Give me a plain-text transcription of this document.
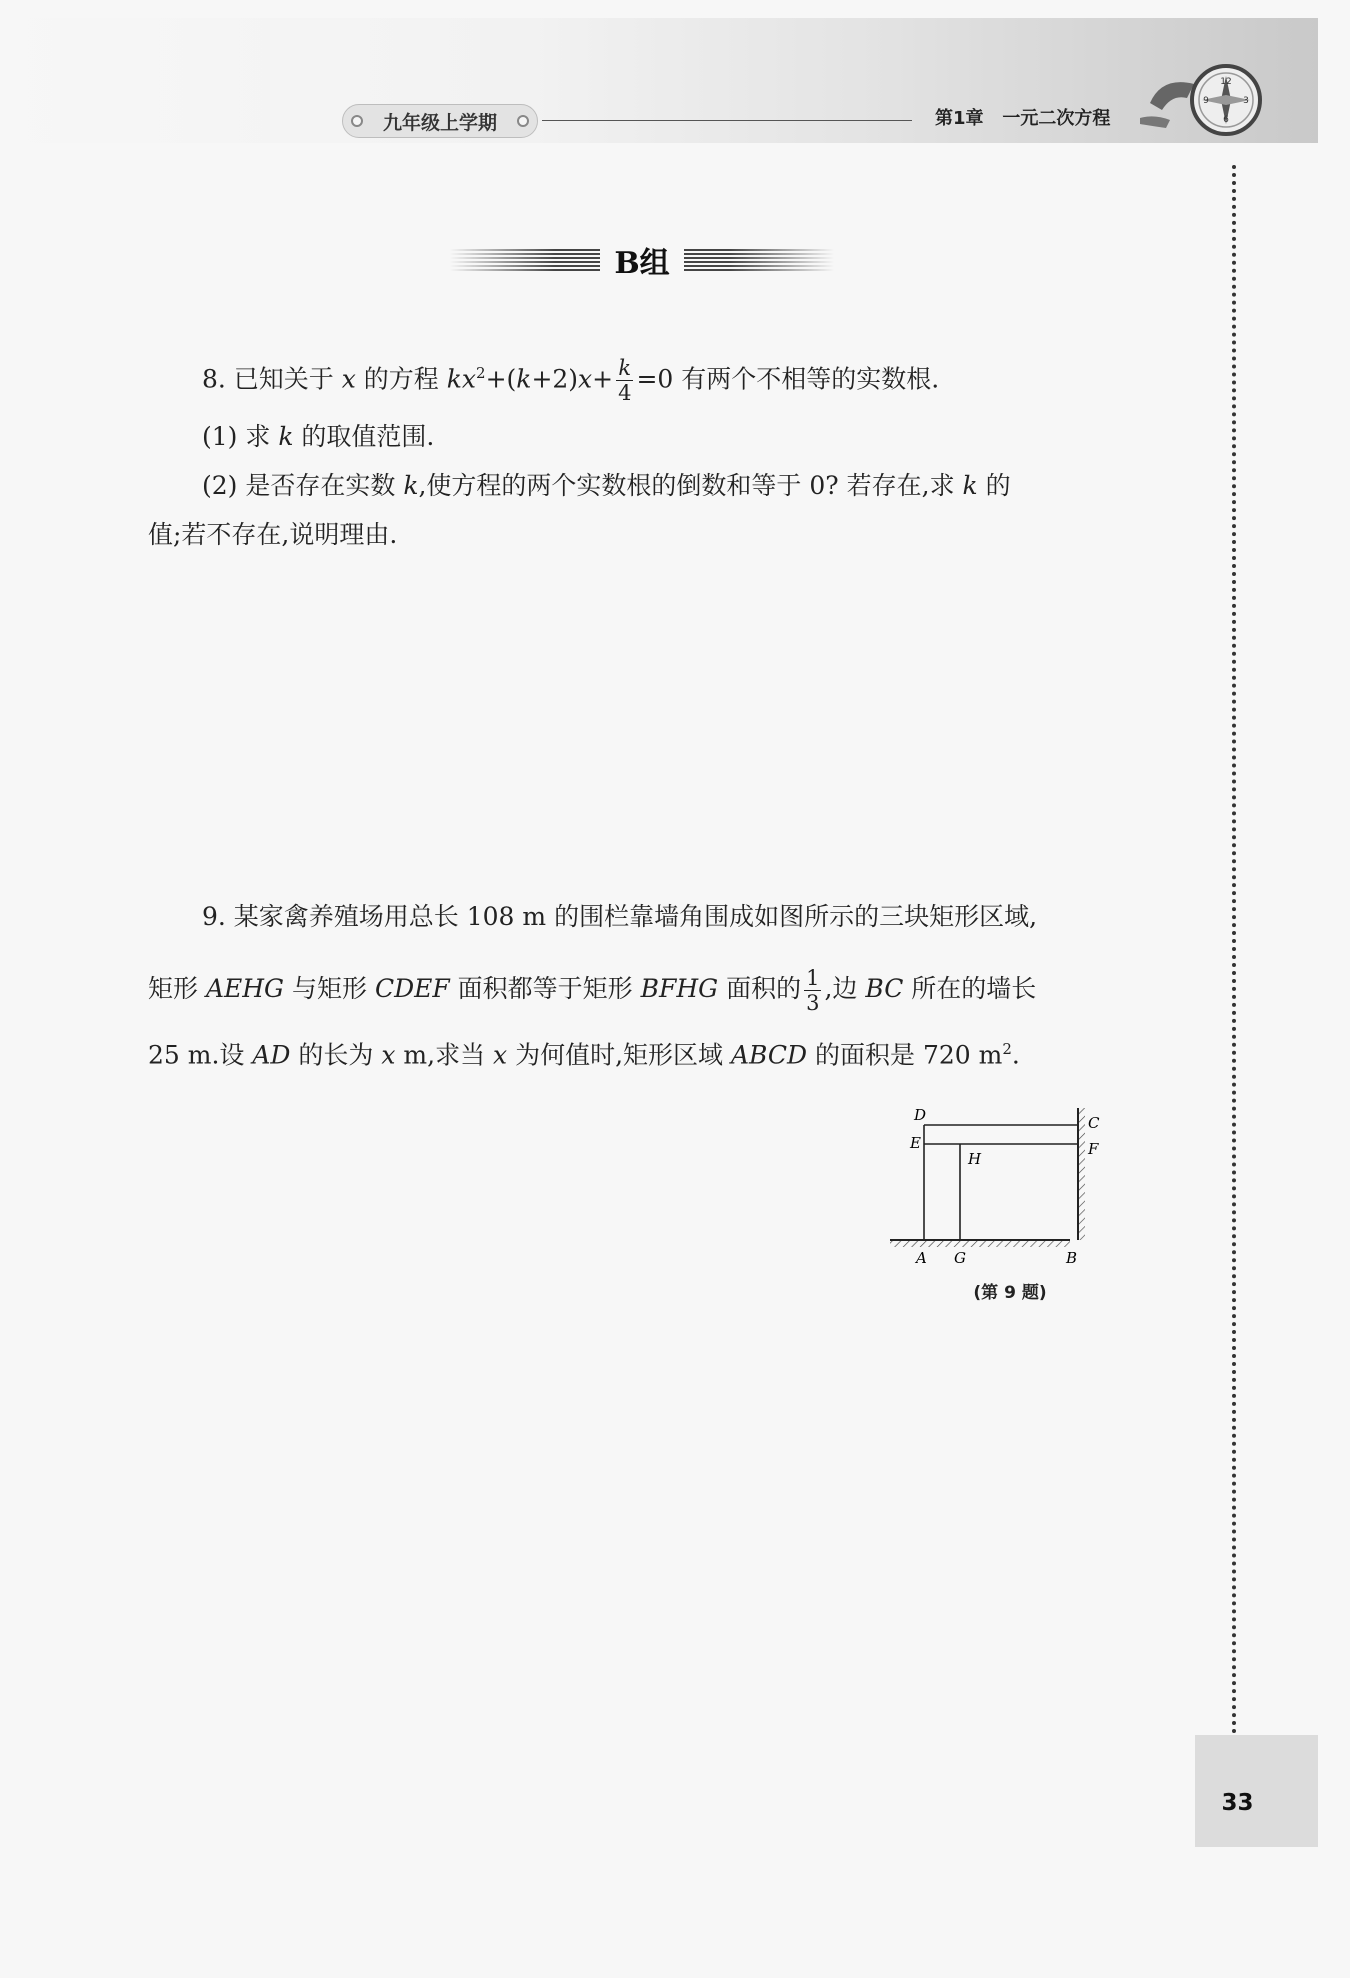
九年级上学期	第1章   一元二次方程
12
3
9
6
B组
8. 已知关于 x 的方程 $kx^2+(k+2)x+ \frac{k}{4} =0$ 有两个不相等的实数根.
(1) 求 k 的取值范围.
(2) 是否存在实数 k,使方程的两个实数根的倒数和等于 0? 若存在,求 k 的
值;若不存在,说明理由.
9. 某家禽养殖场用总长 108 m 的围栏靠墙角围成如图所示的三块矩形区域,
矩形 AEHG 与矩形 CDEF 面积都等于矩形 BFHG 面积的 $\frac{1}{3}$ ,边 BC 所在的墙长
25 m.设 AD 的长为 x m,求当 x 为何值时,矩形区域 ABCD 的面积是 720 $m^2$.
D
E
H
C
F
A G	B
(第 9 题)
33
